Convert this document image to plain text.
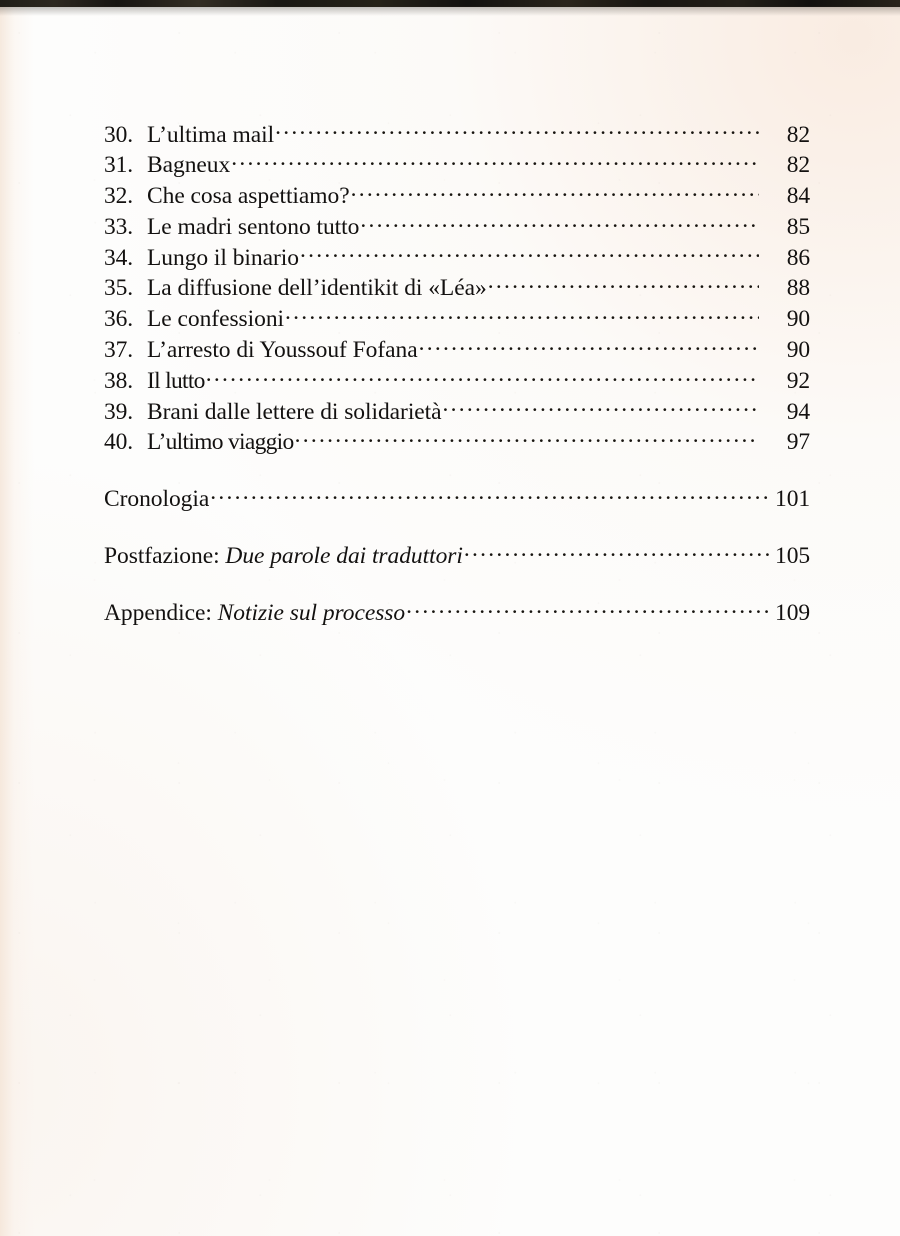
30. L’ultima mail .....	82
31. Bagneux .....	82
32. Che cosa aspettiamo? .....	84
33. Le madri sentono tutto .....	85
34. Lungo il binario .....	86
35. La diffusione dell’identikit di «Léa» .....	88
36. Le confessioni .....	90
37. L’arresto di Youssouf Fofana .....	90
38. Il lutto .....	92
39. Brani dalle lettere di solidarietà .....	94
40. L’ultimo viaggio .....	97
Cronologia .....	101
Postfazione: Due parole dai traduttori .....	105
Appendice: Notizie sul processo .....	109
